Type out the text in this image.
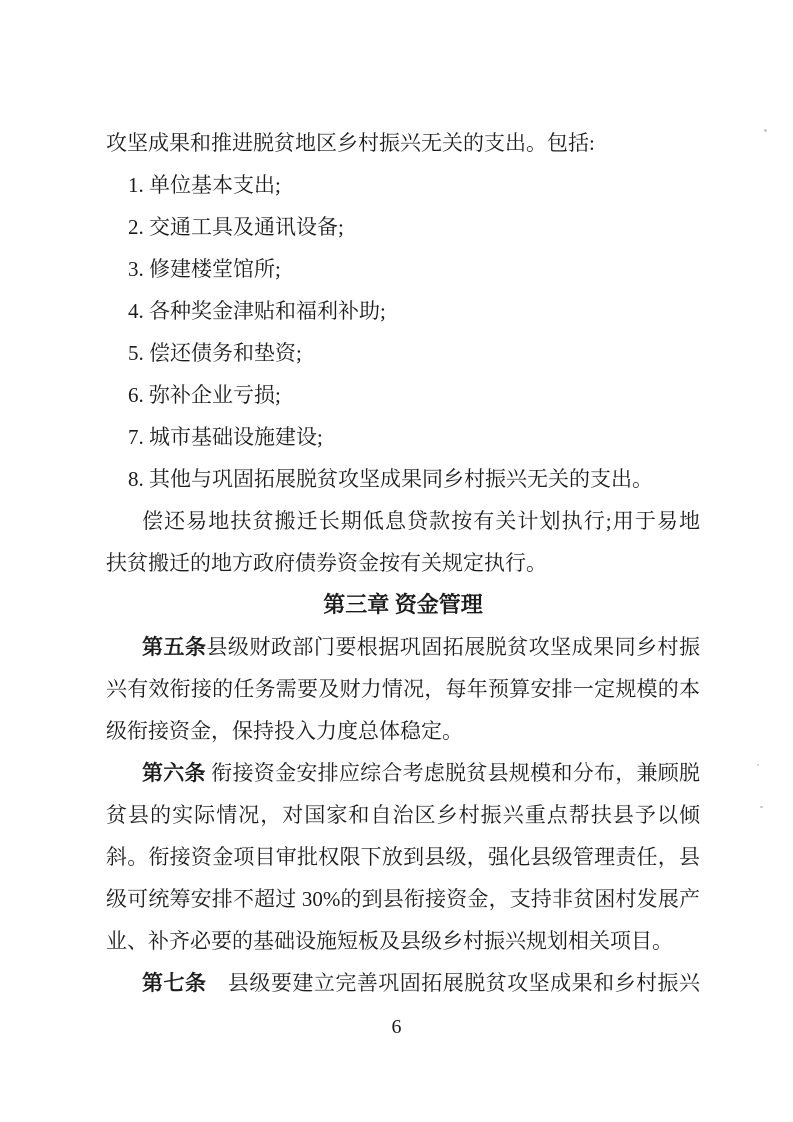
攻坚成果和推进脱贫地区乡村振兴无关的支出。包括:
1. 单位基本支出;
2. 交通工具及通讯设备;
3. 修建楼堂馆所;
4. 各种奖金津贴和福利补助;
5. 偿还债务和垫资;
6. 弥补企业亏损;
7. 城市基础设施建设;
8. 其他与巩固拓展脱贫攻坚成果同乡村振兴无关的支出。
偿还易地扶贫搬迁长期低息贷款按有关计划执行;用于易地
扶贫搬迁的地方政府债券资金按有关规定执行。
第三章 资金管理
第五条县级财政部门要根据巩固拓展脱贫攻坚成果同乡村振
兴有效衔接的任务需要及财力情况，每年预算安排一定规模的本
级衔接资金，保持投入力度总体稳定。
第六条 衔接资金安排应综合考虑脱贫县规模和分布，兼顾脱
贫县的实际情况，对国家和自治区乡村振兴重点帮扶县予以倾
斜。衔接资金项目审批权限下放到县级，强化县级管理责任，县
级可统筹安排不超过 30%的到县衔接资金，支持非贫困村发展产
业、补齐必要的基础设施短板及县级乡村振兴规划相关项目。
第七条　县级要建立完善巩固拓展脱贫攻坚成果和乡村振兴
6
